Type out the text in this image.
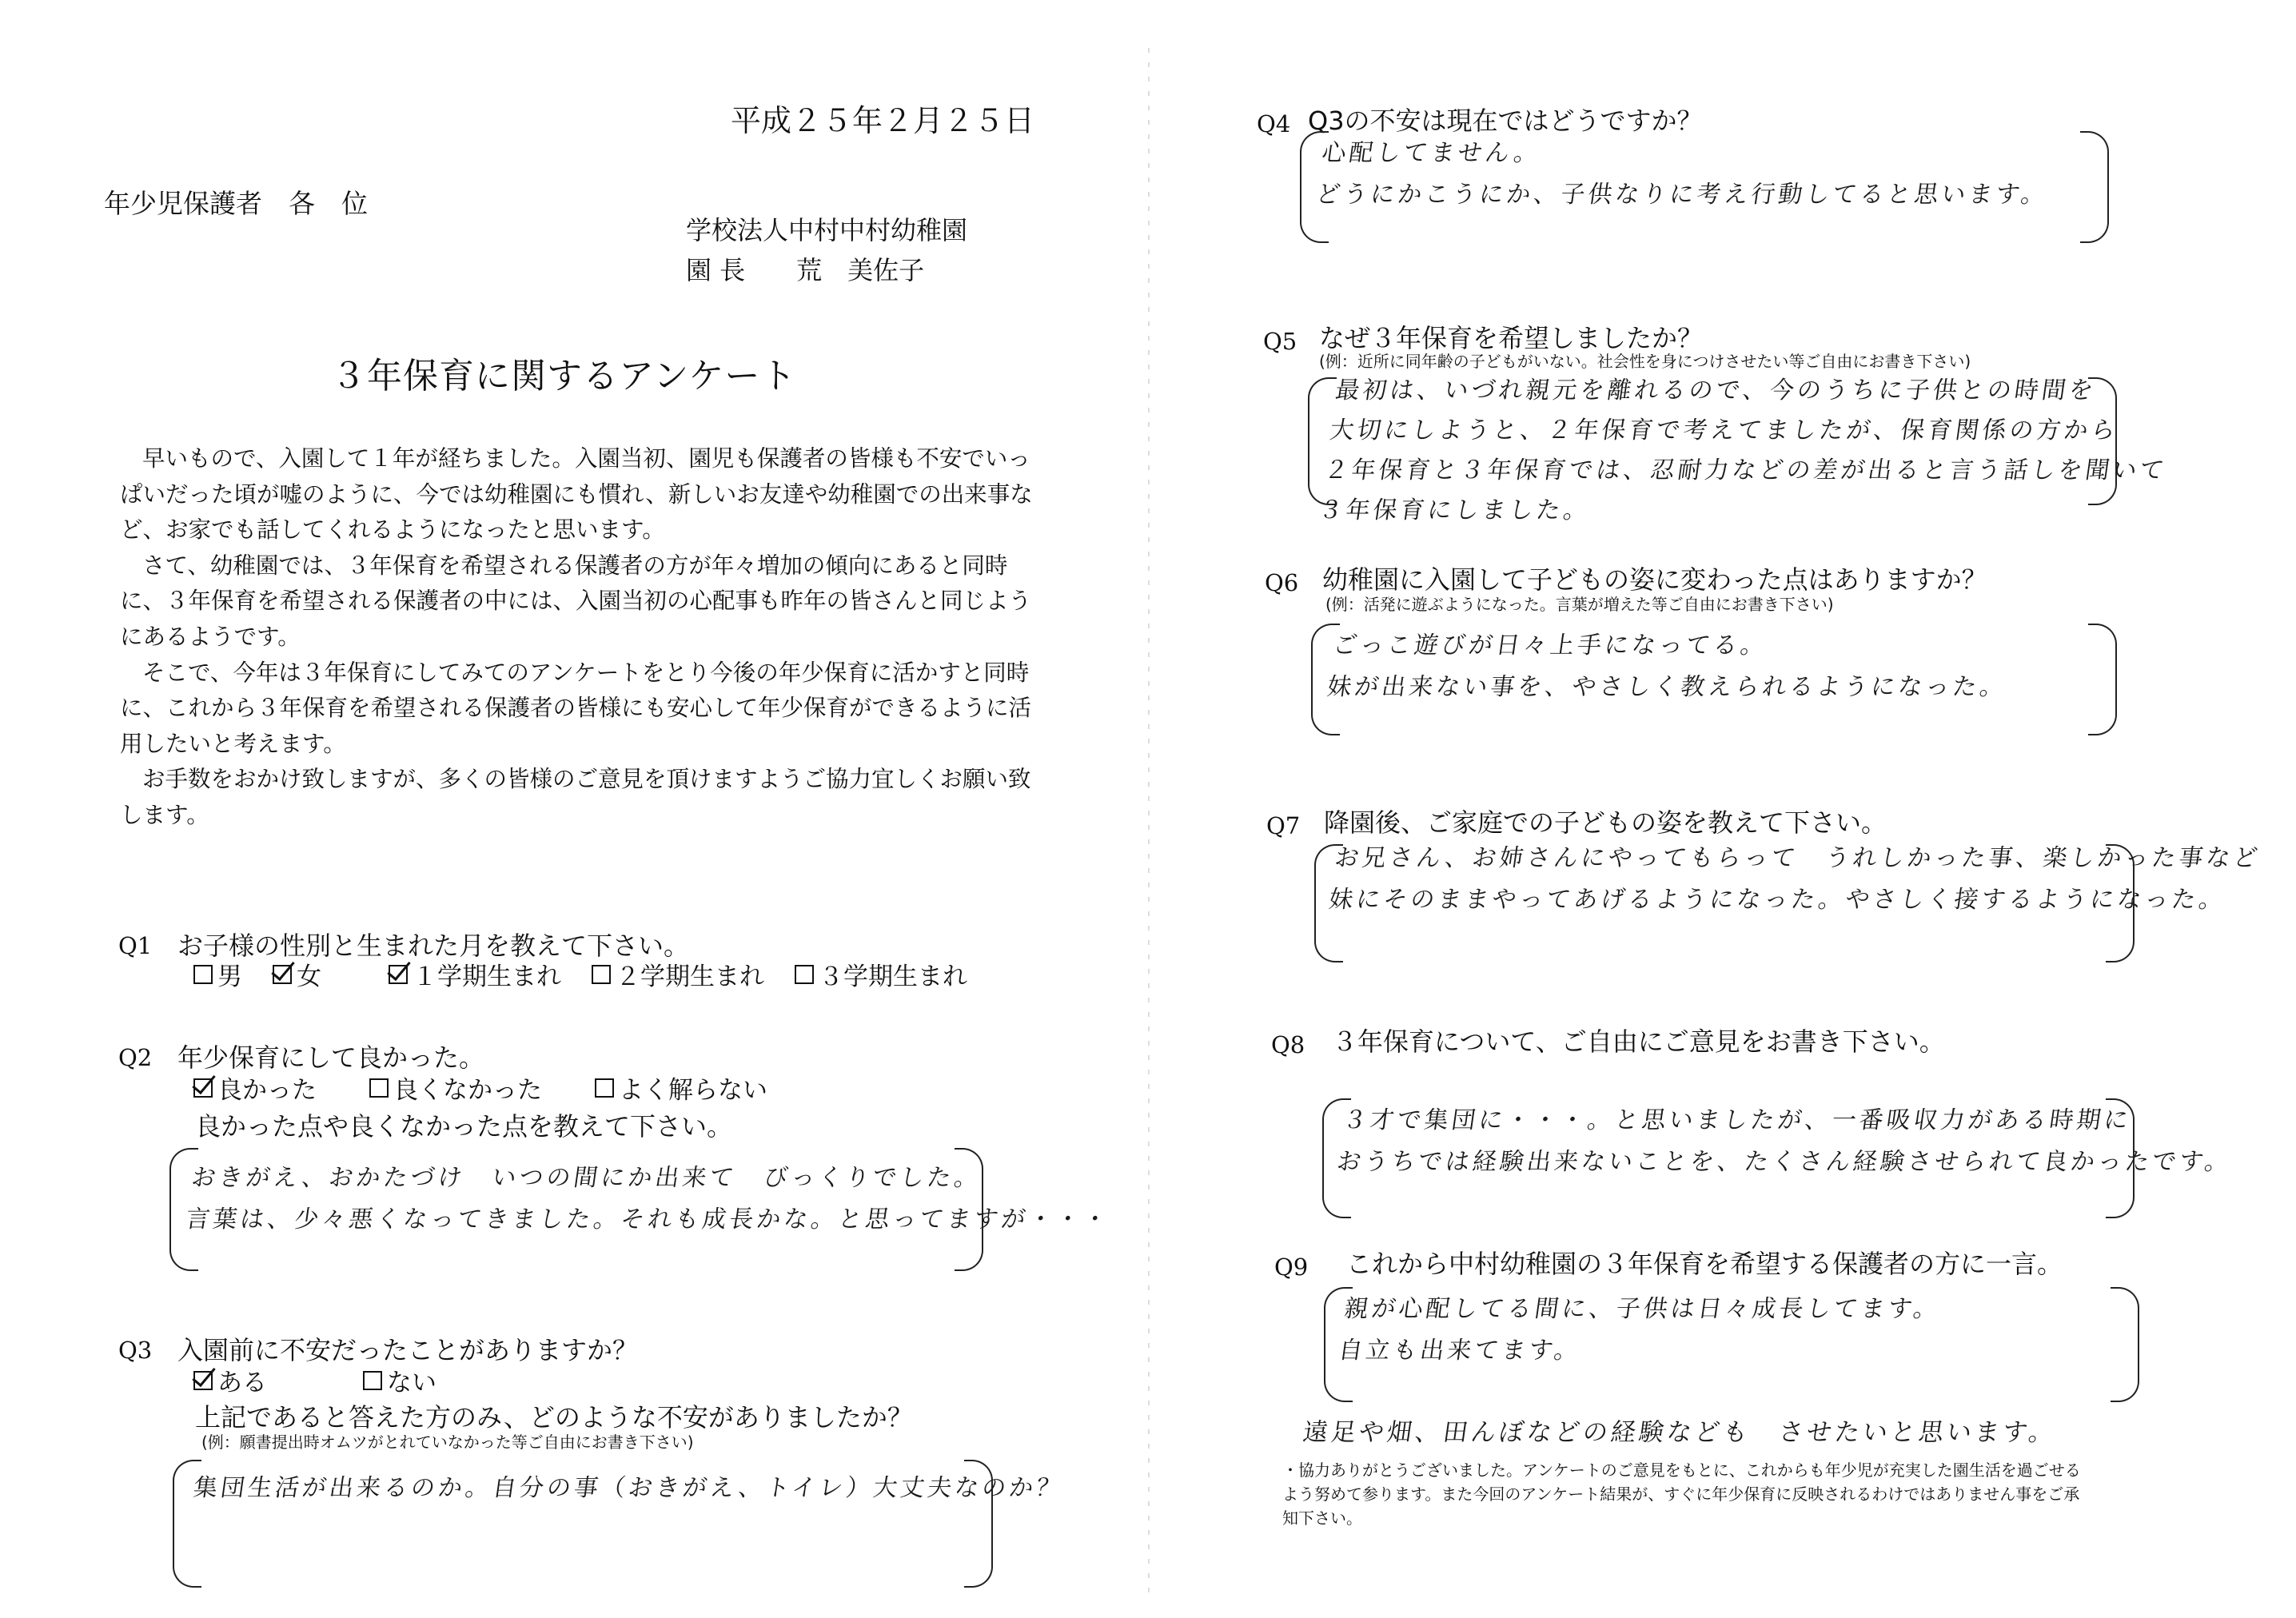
平成２５年２月２５日
年少児保護者　各　位
学校法人中村中村幼稚園
園 長　　荒　美佐子
３年保育に関するアンケート

早いもので、入園して１年が経ちました。入園当初、園児も保護者の皆様も不安でいっぱいだった頃が嘘のように、今では幼稚園にも慣れ、新しいお友達や幼稚園での出来事など、お家でも話してくれるようになったと思います。

さて、幼稚園では、３年保育を希望される保護者の方が年々増加の傾向にあると同時に、３年保育を希望される保護者の中には、入園当初の心配事も昨年の皆さんと同じようにあるようです。

そこで、今年は３年保育にしてみてのアンケートをとり今後の年少保育に活かすと同時に、これから３年保育を希望される保護者の皆様にも安心して年少保育ができるように活用したいと考えます。

お手数をおかけ致しますが、多くの皆様のご意見を頂けますようご協力宜しくお願い致します。

Q1 お子様の性別と生まれた月を教えて下さい。
男 女	１学期生まれ ２学期生まれ ３学期生まれ
Q2 年少保育にして良かった。
良かった	良くなかった	よく解らない
良かった点や良くなかった点を教えて下さい。
おきがえ、おかたづけ　いつの間にか出来て　びっくりでした。
言葉は、少々悪くなってきました。それも成長かな。と思ってますが・・・
Q3 入園前に不安だったことがありますか？
ある	ない
上記であると答えた方のみ、どのような不安がありましたか？
(例：願書提出時オムツがとれていなかった等ご自由にお書き下さい)
集団生活が出来るのか。自分の事（おきがえ、トイレ）大丈夫なのか？
Q4 Q3の不安は現在ではどうですか？
心配してません。
どうにかこうにか、子供なりに考え行動してると思います。
Q5 なぜ３年保育を希望しましたか？
(例：近所に同年齢の子どもがいない。社会性を身につけさせたい等ご自由にお書き下さい)
最初は、いづれ親元を離れるので、今のうちに子供との時間を
大切にしようと、２年保育で考えてましたが、保育関係の方から
２年保育と３年保育では、忍耐力などの差が出ると言う話しを聞いて
３年保育にしました。
Q6 幼稚園に入園して子どもの姿に変わった点はありますか？
(例：活発に遊ぶようになった。言葉が増えた等ご自由にお書き下さい)
ごっこ遊びが日々上手になってる。
妹が出来ない事を、やさしく教えられるようになった。
Q7 降園後、ご家庭での子どもの姿を教えて下さい。
お兄さん、お姉さんにやってもらって　うれしかった事、楽しかった事など
妹にそのままやってあげるようになった。やさしく接するようになった。
Q8 ３年保育について、ご自由にご意見をお書き下さい。
３才で集団に・・・。と思いましたが、一番吸収力がある時期に
おうちでは経験出来ないことを、たくさん経験させられて良かったです。
Q9 これから中村幼稚園の３年保育を希望する保護者の方に一言。
親が心配してる間に、子供は日々成長してます。
自立も出来てます。
遠足や畑、田んぼなどの経験なども　させたいと思います。
・協力ありがとうございました。アンケートのご意見をもとに、これからも年少児が充実した園生活を過ごせるよう努めて参ります。また今回のアンケート結果が、すぐに年少保育に反映されるわけではありません事をご承知下さい。
